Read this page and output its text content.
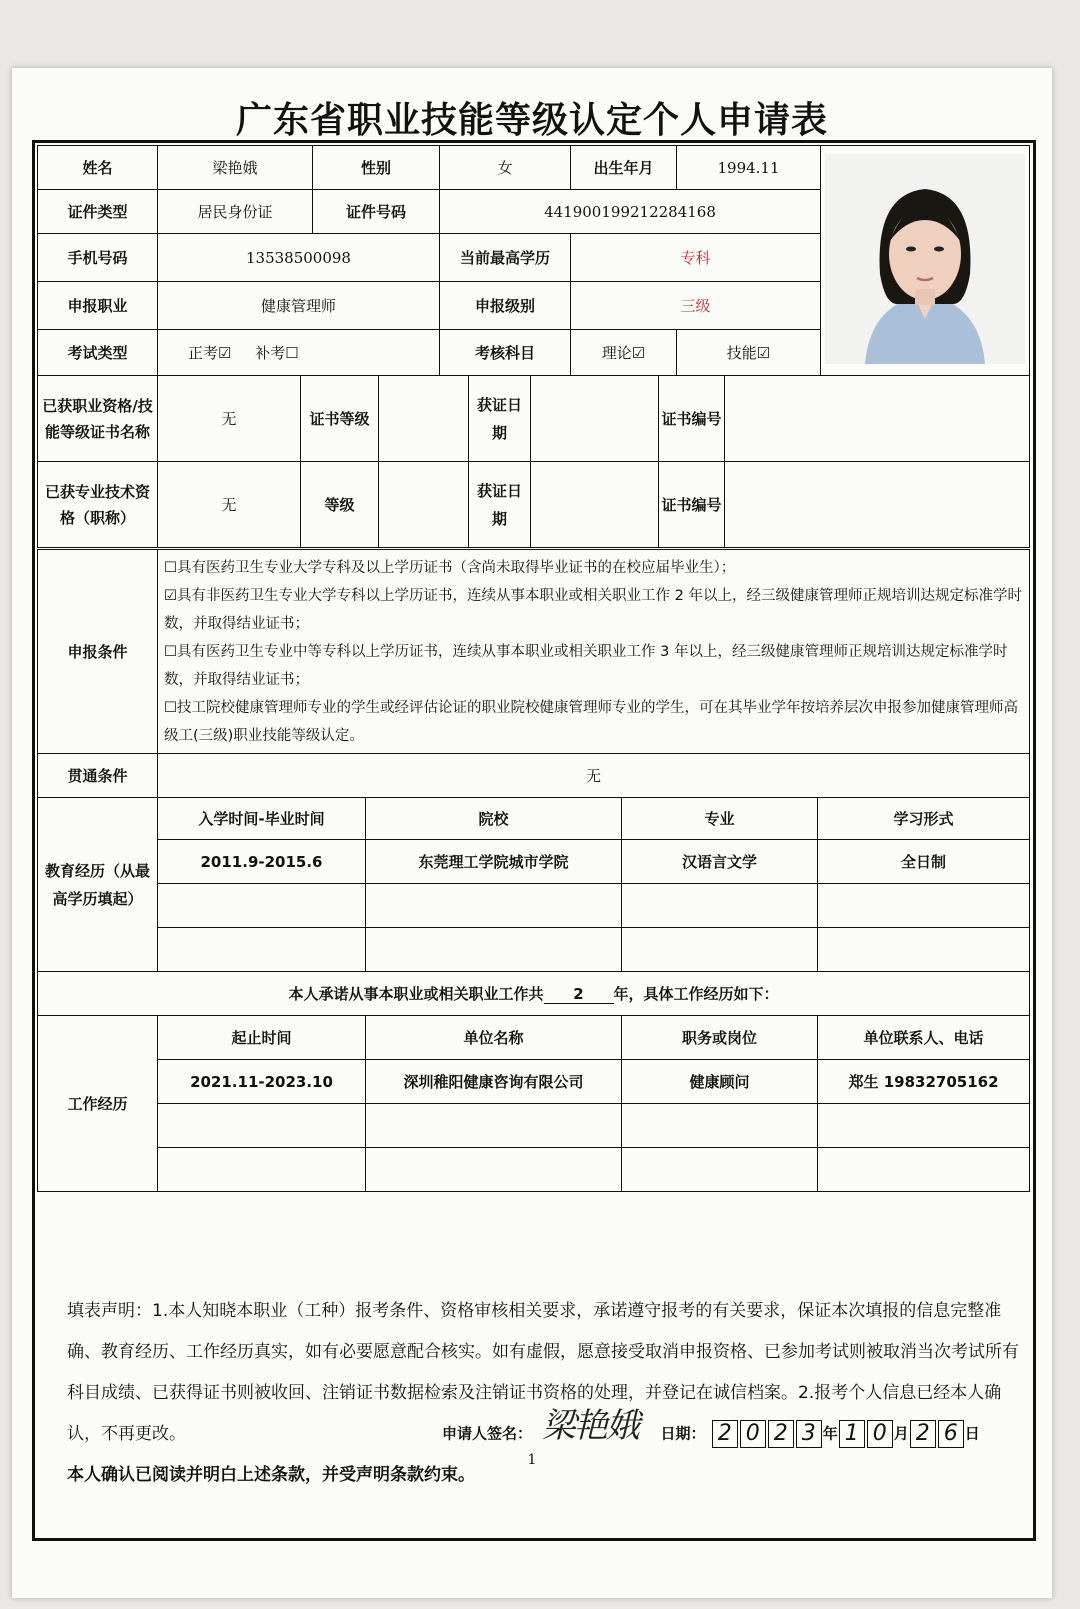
广东省职业技能等级认定个人申请表
姓名	梁艳娥	性别	女	出生年月	1994.11	
证件类型	居民身份证	证件号码	441900199212284168			
手机号码	13538500098		当前最高学历	专科		
申报职业	健康管理师		申报级别	三级		
考试类型	正考☑ 补考☐		考核科目	理论☑	技能☑	
已获职业资格/技能等级证书名称	无	证书等级		获证日期		证书编号	
已获专业技术资格（职称）	无	等级		获证日期		证书编号	
申报条件	☐具有医药卫生专业大学专科及以上学历证书（含尚未取得毕业证书的在校应届毕业生）；
☑具有非医药卫生专业大学专科以上学历证书，连续从事本职业或相关职业工作 2 年以上，经三级健康管理师正规培训达规定标准学时数，并取得结业证书；
☐具有医药卫生专业中等专科以上学历证书，连续从事本职业或相关职业工作 3 年以上，经三级健康管理师正规培训达规定标准学时数，并取得结业证书；
☐技工院校健康管理师专业的学生或经评估论证的职业院校健康管理师专业的学生，可在其毕业学年按培养层次申报参加健康管理师高级工(三级)职业技能等级认定。

贯通条件	无
教育经历（从最高学历填起）	入学时间-毕业时间	院校	专业	学习形式
	2011.9-2015.6	东莞理工学院城市学院	汉语言文学	全日制

本人承诺从事本职业或相关职业工作共 2 年，具体工作经历如下：				
工作经历	起止时间	单位名称	职务或岗位	单位联系人、电话
	2021.11-2023.10	深圳稚阳健康咨询有限公司	健康顾问	郑生 19832705162

填表声明：1.本人知晓本职业（工种）报考条件、资格审核相关要求，承诺遵守报考的有关要求，保证本次填报的信息完整准确、教育经历、工作经历真实，如有必要愿意配合核实。如有虚假，愿意接受取消申报资格、已参加考试则被取消当次考试所有科目成绩、已获得证书则被收回、注销证书数据检索及注销证书资格的处理，并登记在诚信档案。2.报考个人信息已经本人确认，不再更改。
本人确认已阅读并明白上述条款，并受声明条款约束。
申请人签名：	日期： 2 0 2 3 年 1 0 月 2 6 日
梁艳娥
1
